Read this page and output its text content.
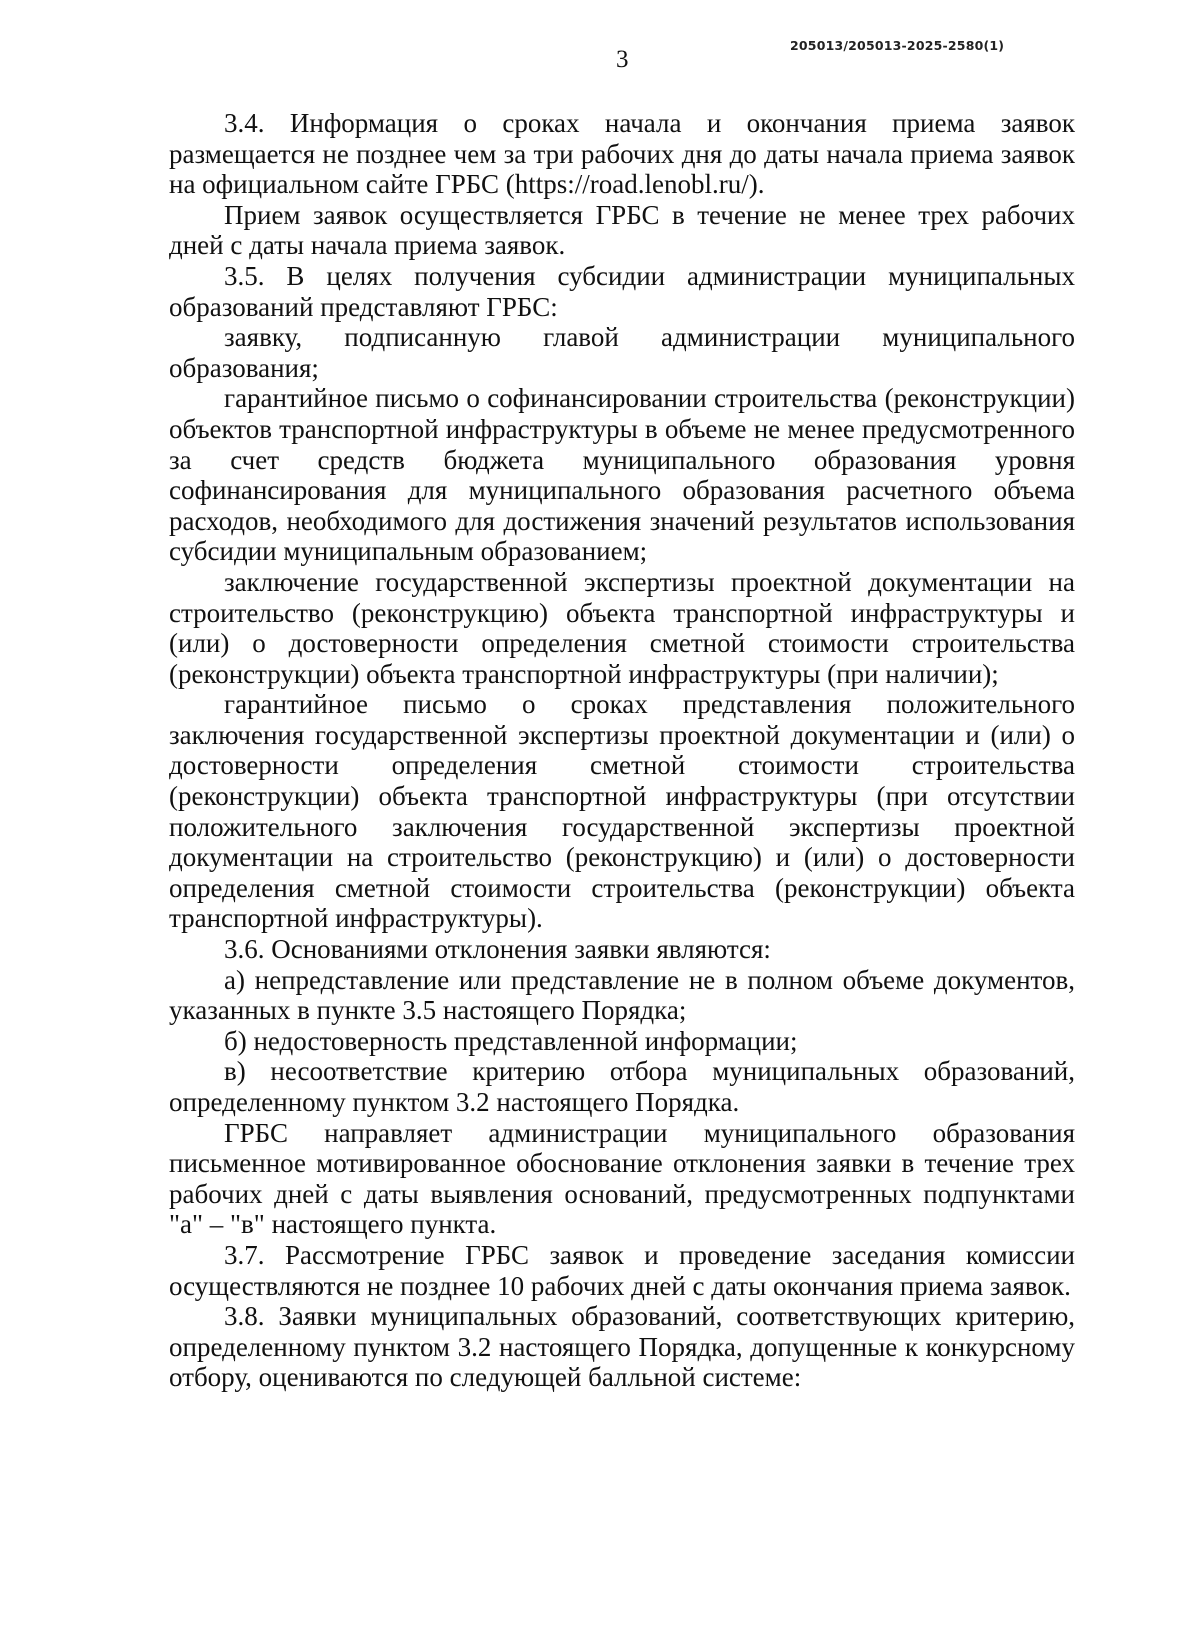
205013/205013-2025-2580(1)
3

3.4. Информация о сроках начала и окончания приема заявок размещается не позднее чем за три рабочих дня до даты начала приема заявок на официальном сайте ГРБС (https://road.lenobl.ru/).

Прием заявок осуществляется ГРБС в течение не менее трех рабочих дней с даты начала приема заявок.

3.5. В целях получения субсидии администрации муниципальных образований представляют ГРБС:

заявку, подписанную главой администрации муниципального образования;

гарантийное письмо о софинансировании строительства (реконструкции) объектов транспортной инфраструктуры в объеме не менее предусмотренного за счет средств бюджета муниципального образования уровня софинансирования для муниципального образования расчетного объема расходов, необходимого для достижения значений результатов использования субсидии муниципальным образованием;

заключение государственной экспертизы проектной документации на строительство (реконструкцию) объекта транспортной инфраструктуры и (или) о достоверности определения сметной стоимости строительства (реконструкции) объекта транспортной инфраструктуры (при наличии);

гарантийное письмо о сроках представления положительного заключения государственной экспертизы проектной документации и (или) о достоверности определения сметной стоимости строительства (реконструкции) объекта транспортной инфраструктуры (при отсутствии положительного заключения государственной экспертизы проектной документации на строительство (реконструкцию) и (или) о достоверности определения сметной стоимости строительства (реконструкции) объекта транспортной инфраструктуры).

3.6. Основаниями отклонения заявки являются:

а) непредставление или представление не в полном объеме документов, указанных в пункте 3.5 настоящего Порядка;

б) недостоверность представленной информации;

в) несоответствие критерию отбора муниципальных образований, определенному пунктом 3.2 настоящего Порядка.

ГРБС направляет администрации муниципального образования письменное мотивированное обоснование отклонения заявки в течение трех рабочих дней с даты выявления оснований, предусмотренных подпунктами "а" – "в" настоящего пункта.

3.7. Рассмотрение ГРБС заявок и проведение заседания комиссии осуществляются не позднее 10 рабочих дней с даты окончания приема заявок.

3.8. Заявки муниципальных образований, соответствующих критерию, определенному пунктом 3.2 настоящего Порядка, допущенные к конкурсному отбору, оцениваются по следующей балльной системе:
